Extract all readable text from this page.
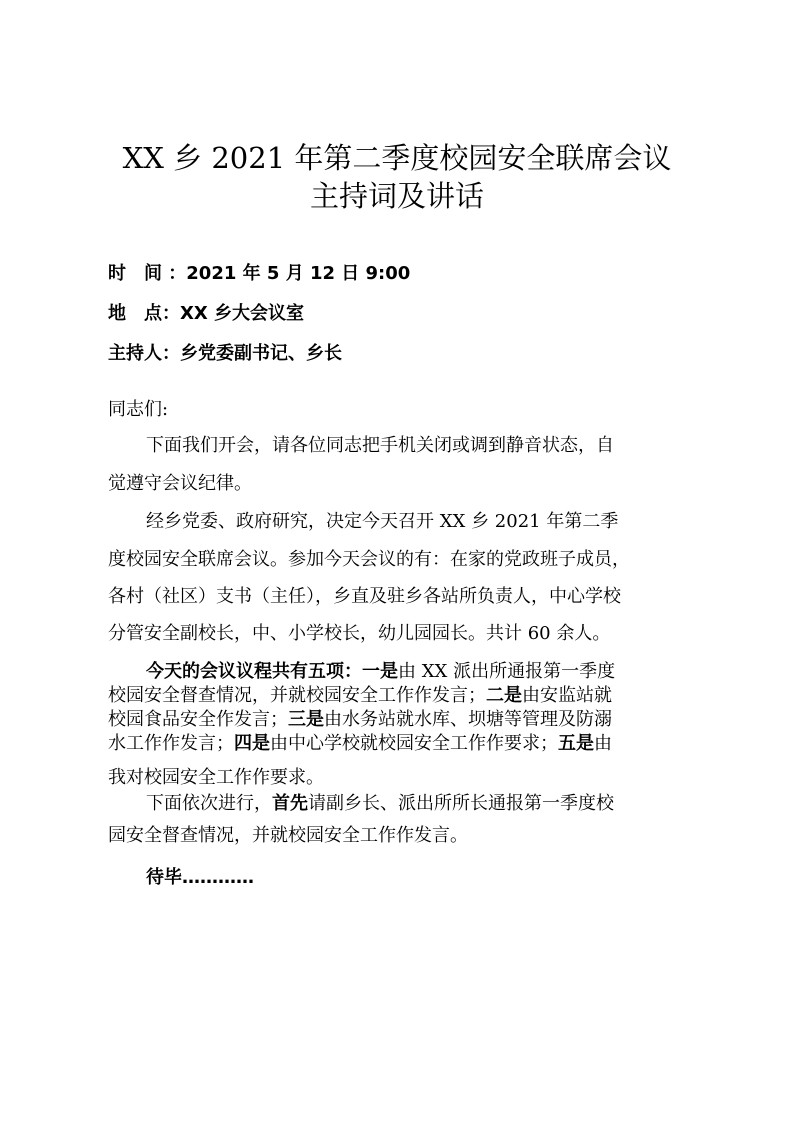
XX 乡 2021 年第二季度校园安全联席会议
主持词及讲话
时　间 ：2021 年 5 月 12 日 9:00
地　点：XX 乡大会议室
主持人：乡党委副书记、乡长
同志们:
下面我们开会，请各位同志把手机关闭或调到静音状态，自
觉遵守会议纪律。
经乡党委、政府研究，决定今天召开 XX 乡 2021 年第二季
度校园安全联席会议。参加今天会议的有：在家的党政班子成员，
各村（社区）支书（主任），乡直及驻乡各站所负责人，中心学校
分管安全副校长，中、小学校长，幼儿园园长。共计 60 余人。
今天的会议议程共有五项：一是由 XX 派出所通报第一季度
校园安全督查情况，并就校园安全工作作发言；二是由安监站就
校园食品安全作发言；三是由水务站就水库、坝塘等管理及防溺
水工作作发言；四是由中心学校就校园安全工作作要求；五是由
我对校园安全工作作要求。
下面依次进行，首先请副乡长、派出所所长通报第一季度校
园安全督查情况，并就校园安全工作作发言。
待毕…………
